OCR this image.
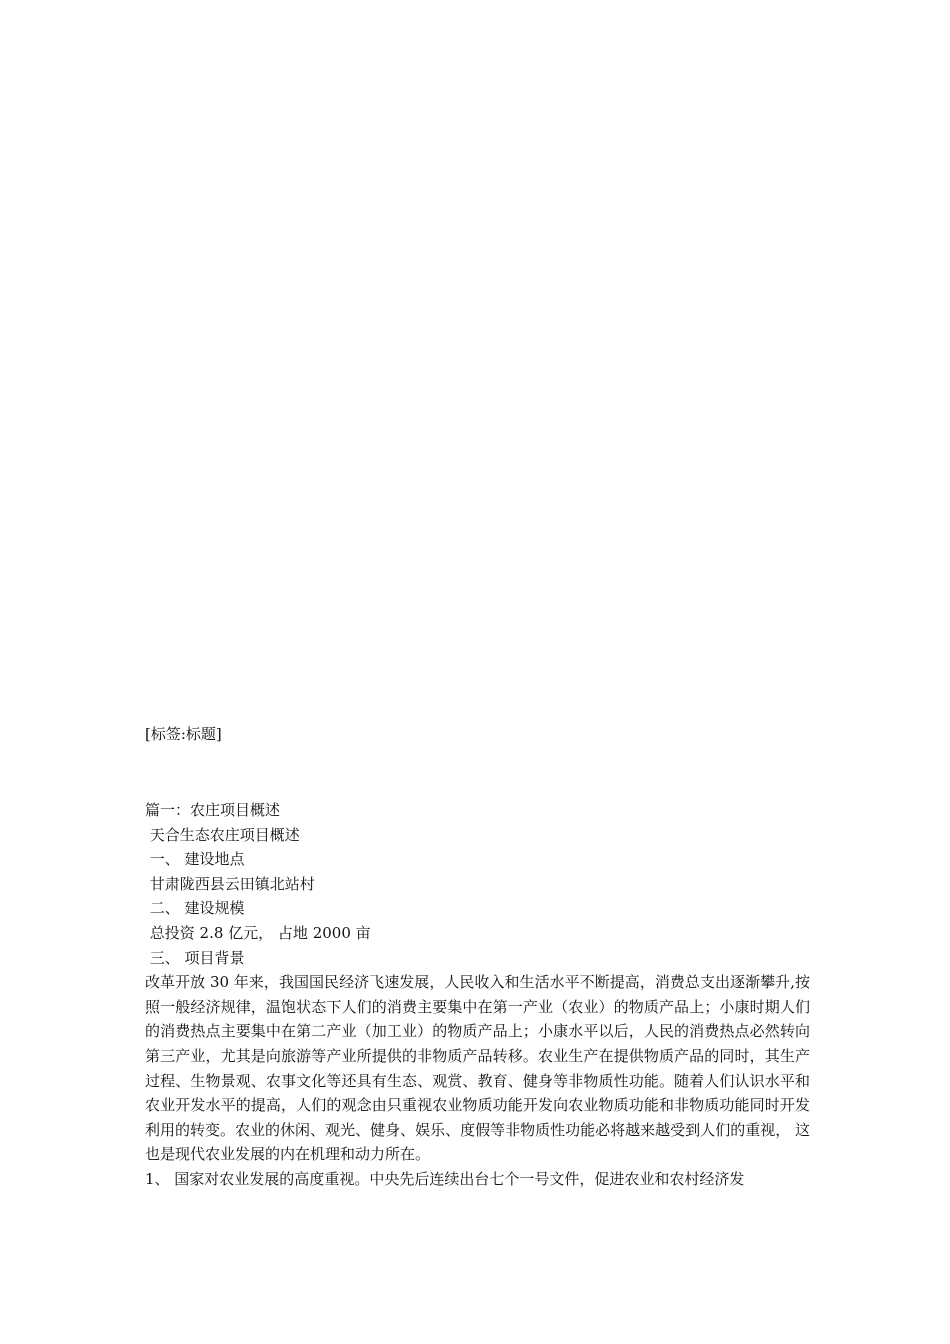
[标签:标题]
篇一：农庄项目概述
天合生态农庄项目概述
一、 建设地点
甘肃陇西县云田镇北站村
二、 建设规模
总投资 2.8 亿元， 占地 2000 亩
三、 项目背景

改革开放 30 年来，我国国民经济飞速发展，人民收入和生活水平不断提高，消费总支出逐渐攀升,按照一般经济规律，温饱状态下人们的消费主要集中在第一产业（农业）的物质产品上；小康时期人们的消费热点主要集中在第二产业（加工业）的物质产品上；小康水平以后，人民的消费热点必然转向第三产业，尤其是向旅游等产业所提供的非物质产品转移。农业生产在提供物质产品的同时，其生产过程、生物景观、农事文化等还具有生态、观赏、教育、健身等非物质性功能。随着人们认识水平和农业开发水平的提高，人们的观念由只重视农业物质功能开发向农业物质功能和非物质功能同时开发利用的转变。农业的休闲、观光、健身、娱乐、度假等非物质性功能必将越来越受到人们的重视， 这也是现代农业发展的内在机理和动力所在。

1、 国家对农业发展的高度重视。中央先后连续出台七个一号文件，促进农业和农村经济发
